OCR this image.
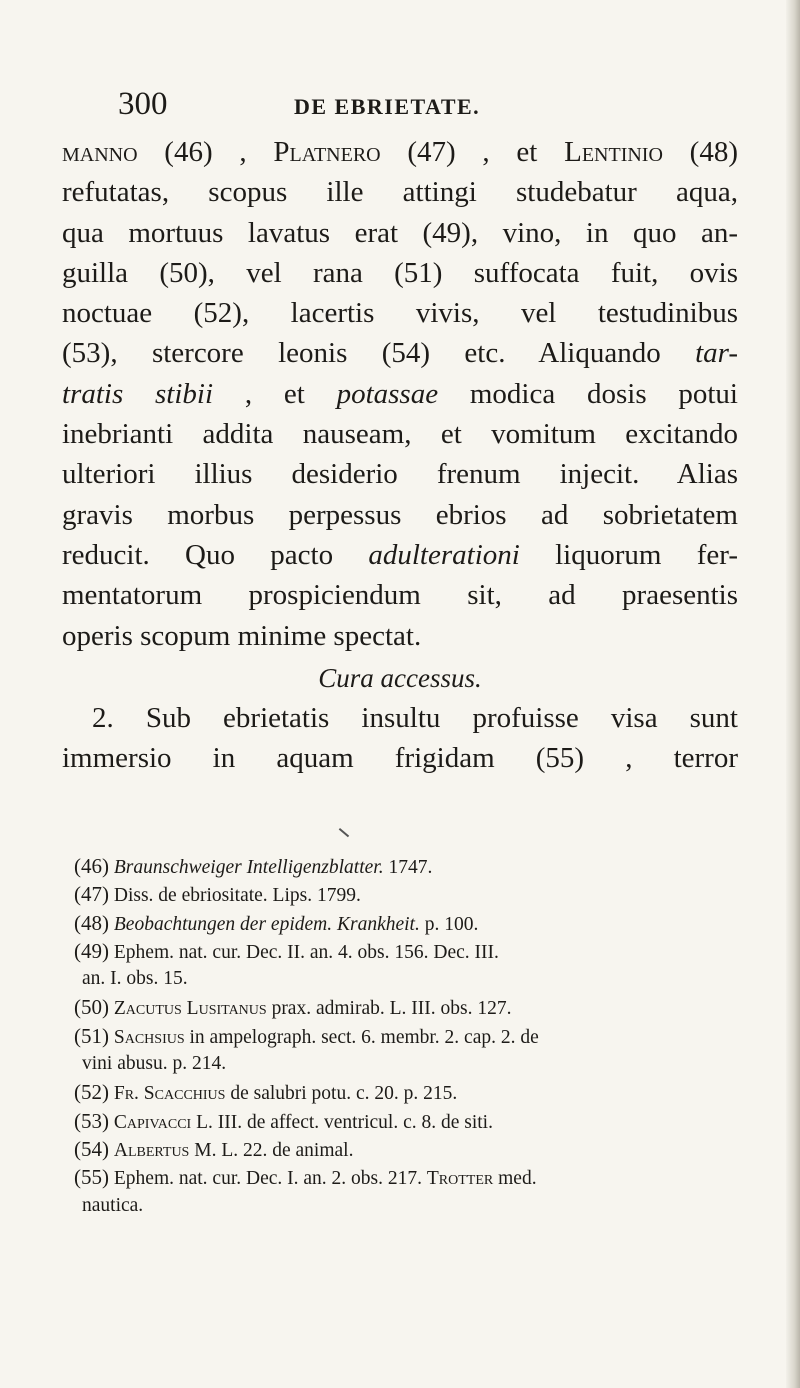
300	DE EBRIETATE.
manno (46) , Platnero (47) , et Lentinio (48)
refutatas, scopus ille attingi studebatur aqua,
qua mortuus lavatus erat (49), vino, in quo an-
guilla (50), vel rana (51) suffocata fuit, ovis
noctuae (52), lacertis vivis, vel testudinibus
(53), stercore leonis (54) etc. Aliquando tar-
tratis stibii , et potassae modica dosis potui
inebrianti addita nauseam, et vomitum excitando
ulteriori illius desiderio frenum injecit. Alias
gravis morbus perpessus ebrios ad sobrietatem
reducit. Quo pacto adulterationi liquorum fer-
mentatorum prospiciendum sit, ad praesentis
operis scopum minime spectat.
Cura accessus.
2. Sub ebrietatis insultu profuisse visa sunt
immersio in aquam frigidam (55) , terror
(46) Braunschweiger Intelligenzblatter. 1747.
(47) Diss. de ebriositate. Lips. 1799.
(48) Beobachtungen der epidem. Krankheit. p. 100.
(49) Ephem. nat. cur. Dec. II. an. 4. obs. 156. Dec. III.
an. I. obs. 15.
(50) Zacutus Lusitanus prax. admirab. L. III. obs. 127.
(51) Sachsius in ampelograph. sect. 6. membr. 2. cap. 2. de
vini abusu. p. 214.
(52) Fr. Scacchius de salubri potu. c. 20. p. 215.
(53) Capivacci L. III. de affect. ventricul. c. 8. de siti.
(54) Albertus M. L. 22. de animal.
(55) Ephem. nat. cur. Dec. I. an. 2. obs. 217. Trotter med.
nautica.
